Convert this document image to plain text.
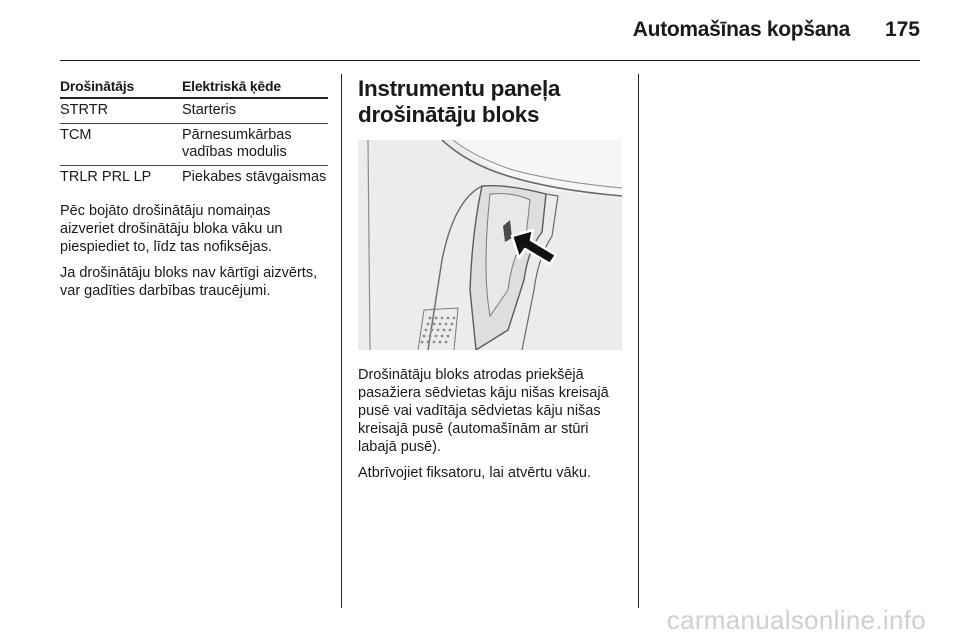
Automašīnas kopšana	175
Drošinātājs	Elektriskā ķēde
STRTR	Starteris
TCM	Pārnesumkārbas vadības modulis
TRLR PRL LP	Piekabes stāvgaismas

Pēc bojāto drošinātāju nomaiņas aizveriet drošinātāju bloka vāku un piespiediet to, līdz tas nofiksējas.

Ja drošinātāju bloks nav kārtīgi aizvērts, var gadīties darbības traucējumi.

Instrumentu paneļa
drošinātāju bloks

Drošinātāju bloks atrodas priekšējā pasažiera sēdvietas kāju nišas kreisajā pusē vai vadītāja sēdvietas kāju nišas kreisajā pusē (automašīnām ar stūri labajā pusē).

Atbrīvojiet fiksatoru, lai atvērtu vāku.

carmanualsonline.info
